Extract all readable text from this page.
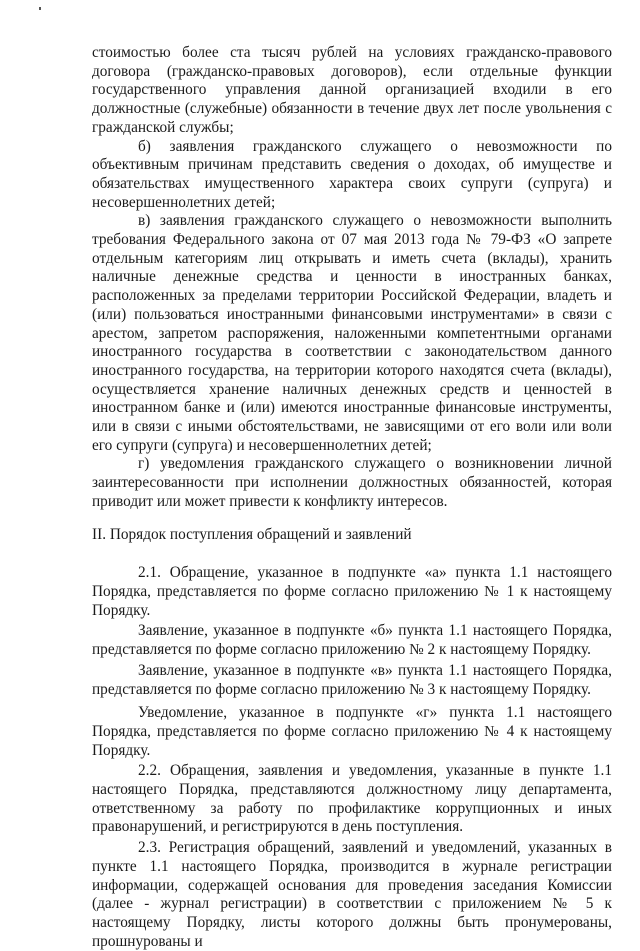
стоимостью более ста тысяч рублей на условиях гражданско-правового договора (гражданско-правовых договоров), если отдельные функции государственного управления данной организацией входили в его должностные (служебные) обязанности в течение двух лет после увольнения с гражданской службы;

б) заявления гражданского служащего о невозможности по объективным причинам представить сведения о доходах, об имуществе и обязательствах имущественного характера своих супруги (супруга) и несовершеннолетних детей;

в) заявления гражданского служащего о невозможности выполнить требования Федерального закона от 07 мая 2013 года № 79-ФЗ «О запрете отдельным категориям лиц открывать и иметь счета (вклады), хранить наличные денежные средства и ценности в иностранных банках, расположенных за пределами территории Российской Федерации, владеть и (или) пользоваться иностранными финансовыми инструментами» в связи с арестом, запретом распоряжения, наложенными компетентными органами иностранного государства в соответствии с законодательством данного иностранного государства, на территории которого находятся счета (вклады), осуществляется хранение наличных денежных средств и ценностей в иностранном банке и (или) имеются иностранные финансовые инструменты, или в связи с иными обстоятельствами, не зависящими от его воли или воли его супруги (супруга) и несовершеннолетних детей;

г) уведомления гражданского служащего о возникновении личной заинтересованности при исполнении должностных обязанностей, которая приводит или может привести к конфликту интересов.

II. Порядок поступления обращений и заявлений

2.1. Обращение, указанное в подпункте «а» пункта 1.1 настоящего Порядка, представляется по форме согласно приложению № 1 к настоящему Порядку.

Заявление, указанное в подпункте «б» пункта 1.1 настоящего Порядка, представляется по форме согласно приложению № 2 к настоящему Порядку.

Заявление, указанное в подпункте «в» пункта 1.1 настоящего Порядка, представляется по форме согласно приложению № 3 к настоящему Порядку.

Уведомление, указанное в подпункте «г» пункта 1.1 настоящего Порядка, представляется по форме согласно приложению № 4 к настоящему Порядку.

2.2. Обращения, заявления и уведомления, указанные в пункте 1.1 настоящего Порядка, представляются должностному лицу департамента, ответственному за работу по профилактике коррупционных и иных правонарушений, и регистрируются в день поступления.

2.3. Регистрация обращений, заявлений и уведомлений, указанных в пункте 1.1 настоящего Порядка, производится в журнале регистрации информации, содержащей основания для проведения заседания Комиссии (далее - журнал регистрации) в соответствии с приложением № 5 к настоящему Порядку, листы которого должны быть пронумерованы, прошнурованы и
